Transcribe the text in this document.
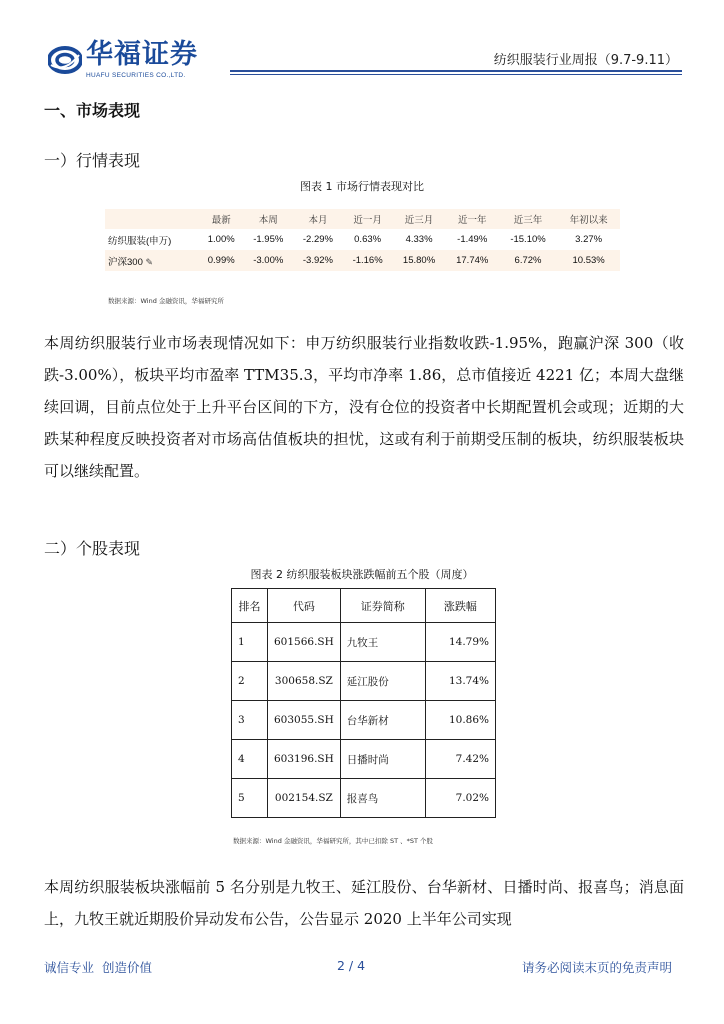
华福证券
HUAFU SECURITIES CO.,LTD.
纺织服装行业周报（9.7-9.11）
一、市场表现
一）行情表现
图表 1 市场行情表现对比
	最新	本周	本月	近一月	近三月	近一年	近三年	年初以来
纺织服装(申万)	1.00%	-1.95%	-2.29%	0.63%	4.33%	-1.49%	-15.10%	3.27%
沪深300 ✎	0.99%	-3.00%	-3.92%	-1.16%	15.80%	17.74%	6.72%	10.53%
数据来源：Wind 金融资讯，华福研究所
本周纺织服装行业市场表现情况如下：申万纺织服装行业指数收跌-1.95%，跑赢沪深 300（收跌-3.00%），板块平均市盈率 TTM35.3，平均市净率 1.86，总市值接近 4221 亿；本周大盘继续回调，目前点位处于上升平台区间的下方，没有仓位的投资者中长期配置机会或现；近期的大跌某种程度反映投资者对市场高估值板块的担忧，这或有利于前期受压制的板块，纺织服装板块可以继续配置。
二）个股表现
图表 2 纺织服装板块涨跌幅前五个股（周度）
排名	代码	证券简称	涨跌幅
1	601566.SH	九牧王	14.79%
2	300658.SZ	延江股份	13.74%
3	603055.SH	台华新材	10.86%
4	603196.SH	日播时尚	7.42%
5	002154.SZ	报喜鸟	7.02%
数据来源：Wind 金融资讯，华福研究所，其中已扣除 ST 、*ST 个股
本周纺织服装板块涨幅前 5 名分别是九牧王、延江股份、台华新材、日播时尚、报喜鸟；消息面上，九牧王就近期股价异动发布公告，公告显示 2020 上半年公司实现
诚信专业  创造价值	2 / 4	请务必阅读末页的免责声明
